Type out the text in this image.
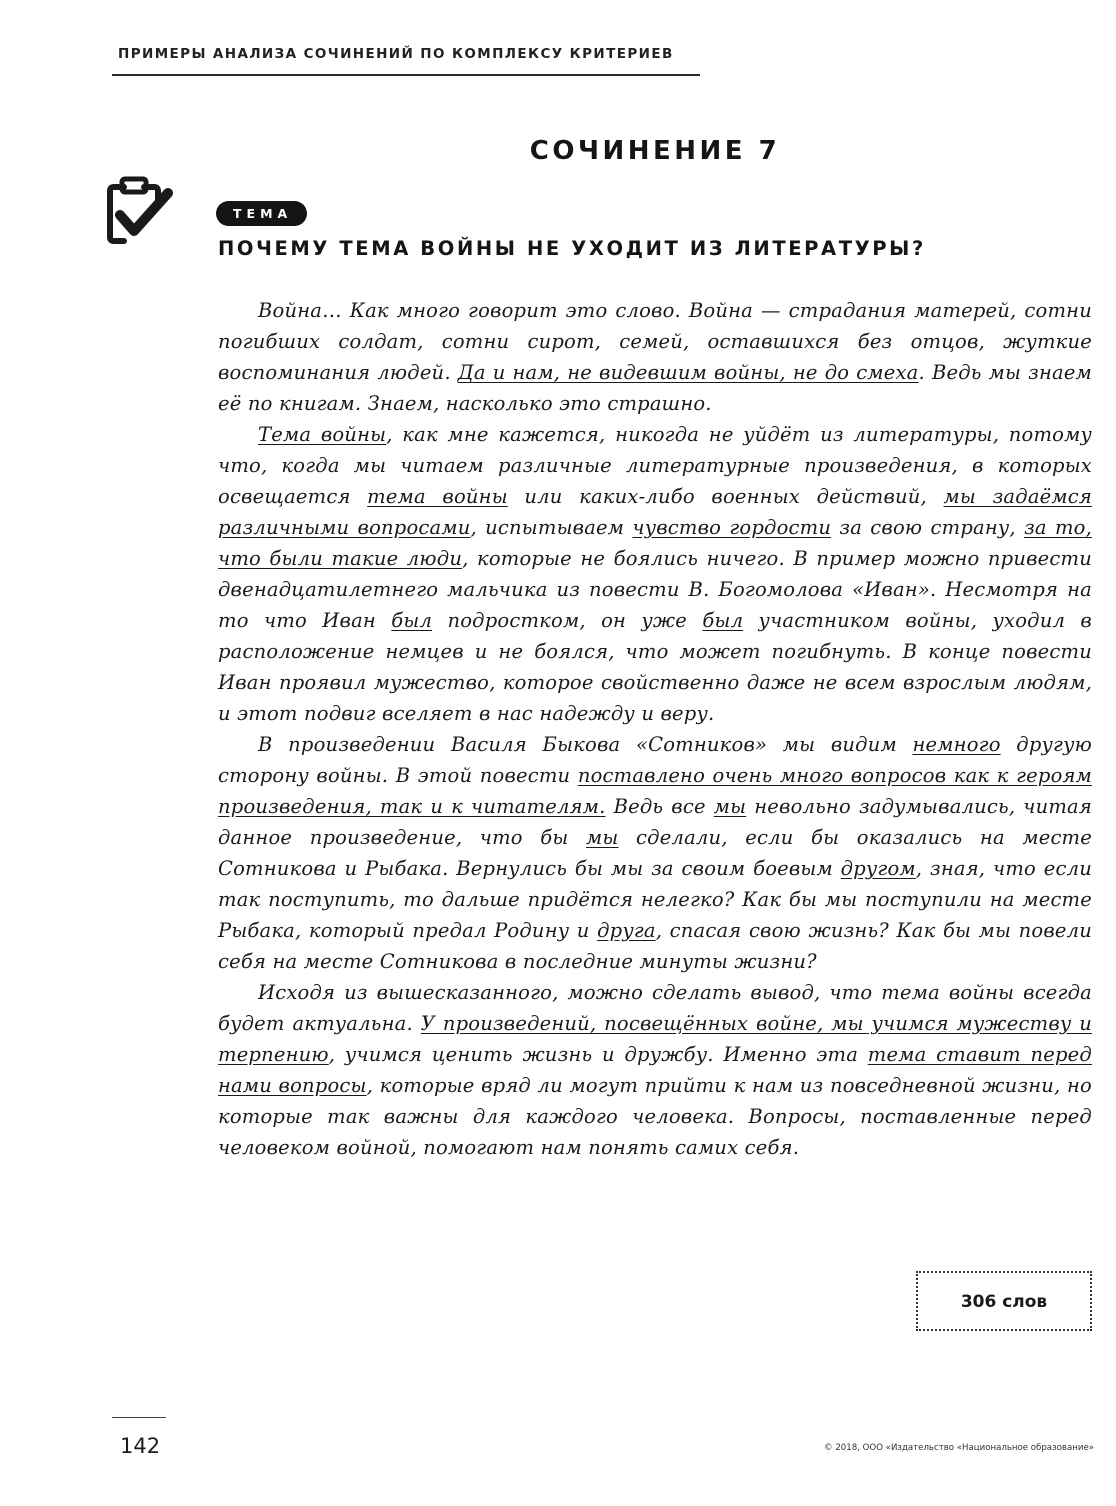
ПРИМЕРЫ АНАЛИЗА СОЧИНЕНИЙ ПО КОМПЛЕКСУ КРИТЕРИЕВ
СОЧИНЕНИЕ 7
ТЕМА
ПОЧЕМУ ТЕМА ВОЙНЫ НЕ УХОДИТ ИЗ ЛИТЕРАТУРЫ?

Война… Как много говорит это слово. Война — страдания матерей, сотни погибших солдат, сотни сирот, семей, оставшихся без отцов, жуткие воспоминания людей. Да и нам, не видевшим войны, не до смеха. Ведь мы знаем её по книгам. Знаем, насколько это страшно.

Тема войны, как мне кажется, никогда не уйдёт из литературы, потому что, когда мы читаем различные литературные произведения, в которых освещается тема войны или каких-либо военных действий, мы задаёмся различными вопросами, испытываем чувство гордости за свою страну, за то, что были такие люди, которые не боялись ничего. В пример можно привести двенадцатилетнего мальчика из повести В. Богомолова «Иван». Несмотря на то что Иван был подростком, он уже был участником войны, уходил в расположение немцев и не боялся, что может погибнуть. В конце повести Иван проявил мужество, которое свойственно даже не всем взрослым людям, и этот подвиг вселяет в нас надежду и веру.

В произведении Василя Быкова «Сотников» мы видим немного другую сторону войны. В этой повести поставлено очень много вопросов как к героям произведения, так и к читателям. Ведь все мы невольно задумывались, читая данное произведение, что бы мы сделали, если бы оказались на месте Сотникова и Рыбака. Вернулись бы мы за своим боевым другом, зная, что если так поступить, то дальше придётся нелегко? Как бы мы поступили на месте Рыбака, который предал Родину и друга, спасая свою жизнь? Как бы мы повели себя на месте Сотникова в последние минуты жизни?

Исходя из вышесказанного, можно сделать вывод, что тема войны всегда будет актуальна. У произведений, посвещённых войне, мы учимся мужеству и терпению, учимся ценить жизнь и дружбу. Именно эта тема ставит перед нами вопросы, которые вряд ли могут прийти к нам из повседневной жизни, но которые так важны для каждого человека. Вопросы, поставленные перед человеком войной, помогают нам понять самих себя.

306 слов
142	© 2018, ООО «Издательство «Национальное образование»
